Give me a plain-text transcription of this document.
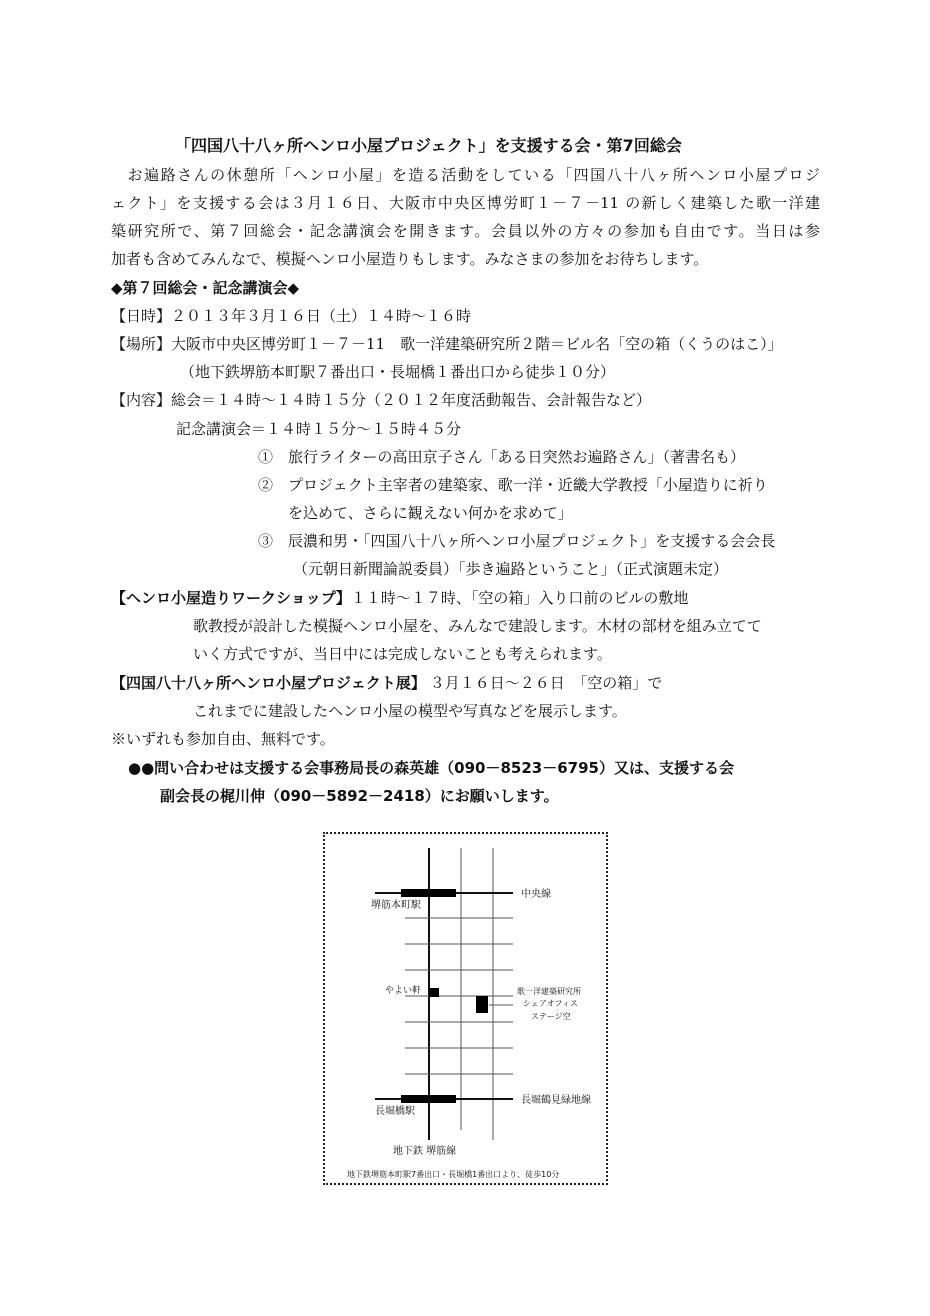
「四国八十八ヶ所ヘンロ小屋プロジェクト」を支援する会・第7回総会
　お遍路さんの休憩所「ヘンロ小屋」を造る活動をしている「四国八十八ヶ所ヘンロ小屋プロジ
ェクト」を支援する会は３月１６日、大阪市中央区博労町１－７－11 の新しく建築した歌一洋建
築研究所で、第７回総会・記念講演会を開きます。会員以外の方々の参加も自由です。当日は参
加者も含めてみんなで、模擬ヘンロ小屋造りもします。みなさまの参加をお待ちします。
◆第７回総会・記念講演会◆
【日時】２０１３年３月１６日（土）１４時～１６時
【場所】大阪市中央区博労町１－７－11　歌一洋建築研究所２階＝ビル名「空の箱（くうのはこ）」
（地下鉄堺筋本町駅７番出口・長堀橋１番出口から徒歩１０分）
【内容】総会＝１４時～１４時１５分（２０１２年度活動報告、会計報告など）
記念講演会＝１４時１５分～１５時４５分
①　旅行ライターの高田京子さん「ある日突然お遍路さん」（著書名も）
②　プロジェクト主宰者の建築家、歌一洋・近畿大学教授「小屋造りに祈り
を込めて、さらに観えない何かを求めて」
③　辰濃和男・「四国八十八ヶ所ヘンロ小屋プロジェクト」を支援する会会長
（元朝日新聞論説委員）「歩き遍路ということ」（正式演題未定）
【ヘンロ小屋造りワークショップ】１１時～１７時、「空の箱」入り口前のビルの敷地
歌教授が設計した模擬ヘンロ小屋を、みんなで建設します。木材の部材を組み立てて
いく方式ですが、当日中には完成しないことも考えられます。
【四国八十八ヶ所ヘンロ小屋プロジェクト展】 ３月１６日～２６日　「空の箱」で
これまでに建設したヘンロ小屋の模型や写真などを展示します。
※いずれも参加自由、無料です。
●●問い合わせは支援する会事務局長の森英雄（090－8523－6795）又は、支援する会
副会長の梶川伸（090－5892－2418）にお願いします。
堺筋本町駅
中央線
やよい軒	歌一洋建築研究所
シェアオフィス
ステージ空
長堀橋駅
長堀鶴見緑地線
地下鉄 堺筋線
地下鉄堺筋本町駅7番出口・長堀橋1番出口より、徒歩10分
